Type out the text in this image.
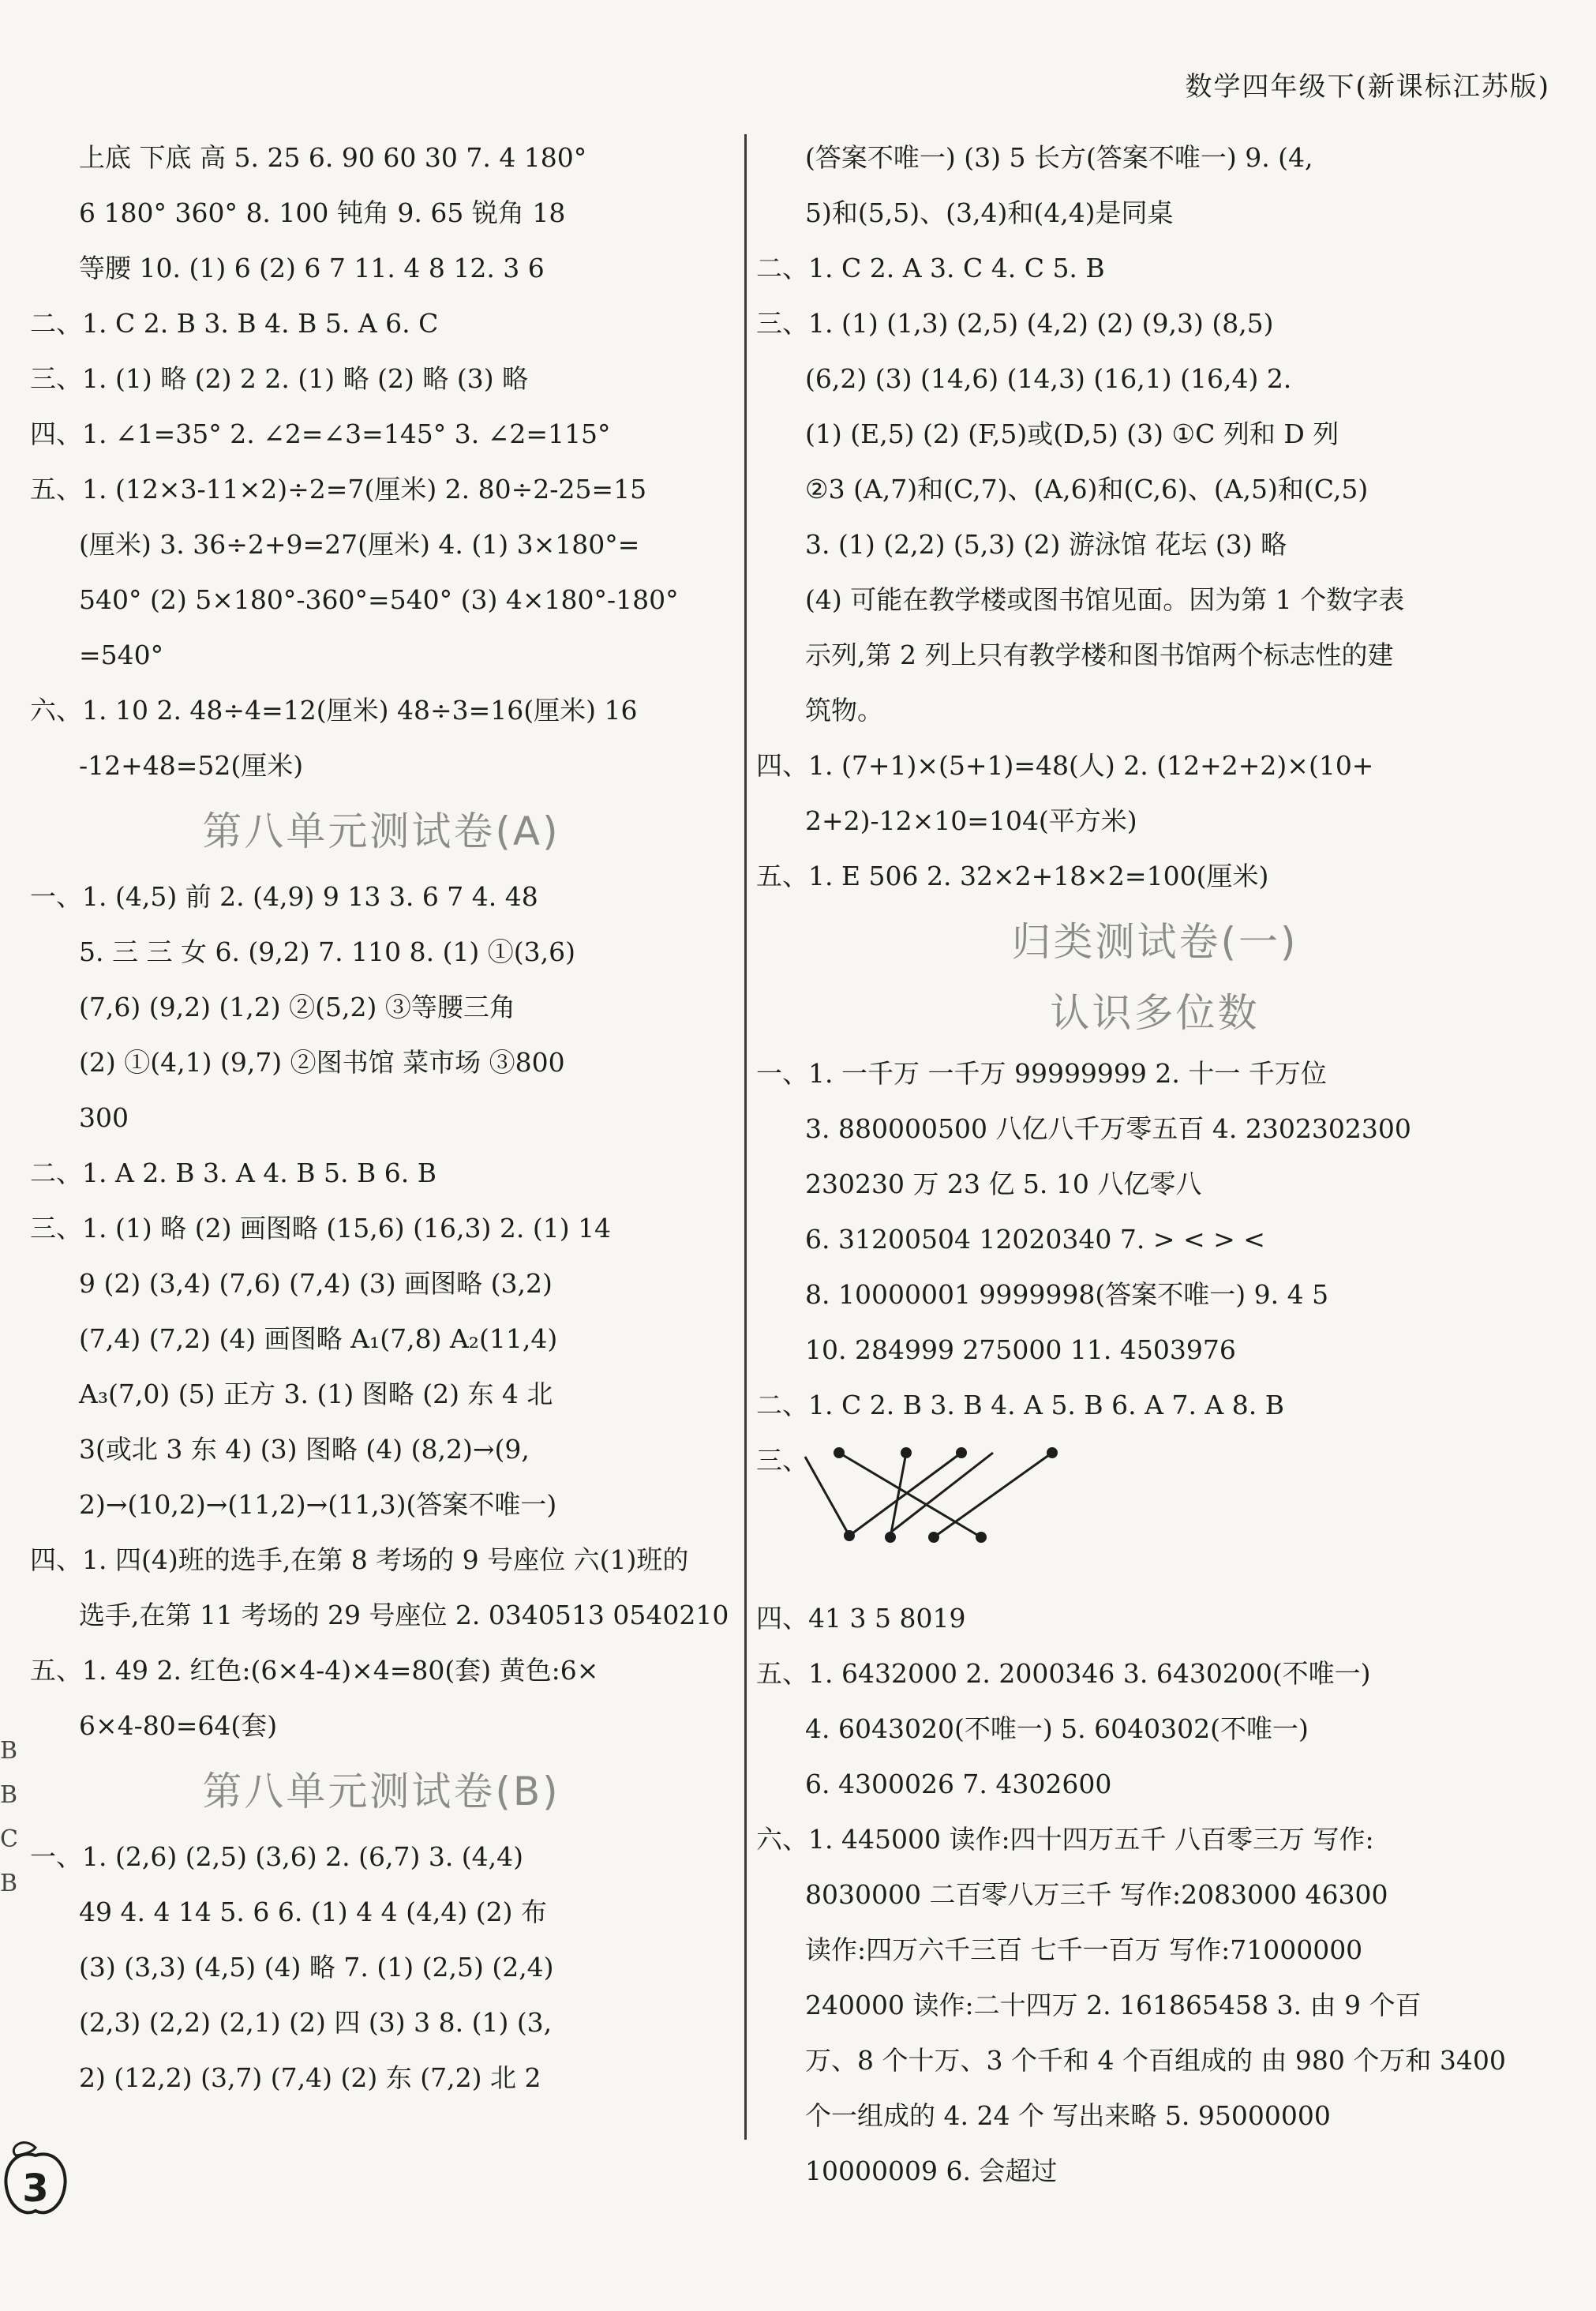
数学四年级下(新课标江苏版)
上底 下底 高 5. 25 6. 90 60 30 7. 4 180°
6 180° 360° 8. 100 钝角 9. 65 锐角 18
等腰 10. (1) 6 (2) 6 7 11. 4 8 12. 3 6
二、1. C 2. B 3. B 4. B 5. A 6. C
三、1. (1) 略 (2) 2 2. (1) 略 (2) 略 (3) 略
四、1. ∠1=35° 2. ∠2=∠3=145° 3. ∠2=115°
五、1. (12×3-11×2)÷2=7(厘米) 2. 80÷2-25=15
(厘米) 3. 36÷2+9=27(厘米) 4. (1) 3×180°=
540° (2) 5×180°-360°=540° (3) 4×180°-180°
=540°
六、1. 10 2. 48÷4=12(厘米) 48÷3=16(厘米) 16
-12+48=52(厘米)
第八单元测试卷(A)
一、1. (4,5) 前 2. (4,9) 9 13 3. 6 7 4. 48
5. 三 三 女 6. (9,2) 7. 110 8. (1) ①(3,6)
(7,6) (9,2) (1,2) ②(5,2) ③等腰三角
(2) ①(4,1) (9,7) ②图书馆 菜市场 ③800
300
二、1. A 2. B 3. A 4. B 5. B 6. B
三、1. (1) 略 (2) 画图略 (15,6) (16,3) 2. (1) 14
9 (2) (3,4) (7,6) (7,4) (3) 画图略 (3,2)
(7,4) (7,2) (4) 画图略 A₁(7,8) A₂(11,4)
A₃(7,0) (5) 正方 3. (1) 图略 (2) 东 4 北
3(或北 3 东 4) (3) 图略 (4) (8,2)→(9,
2)→(10,2)→(11,2)→(11,3)(答案不唯一)
四、1. 四(4)班的选手,在第 8 考场的 9 号座位 六(1)班的
选手,在第 11 考场的 29 号座位 2. 0340513 0540210
五、1. 49 2. 红色:(6×4-4)×4=80(套) 黄色:6×
6×4-80=64(套)
第八单元测试卷(B)
一、1. (2,6) (2,5) (3,6) 2. (6,7) 3. (4,4)
49 4. 4 14 5. 6 6. (1) 4 4 (4,4) (2) 布
(3) (3,3) (4,5) (4) 略 7. (1) (2,5) (2,4)
(2,3) (2,2) (2,1) (2) 四 (3) 3 8. (1) (3,
2) (12,2) (3,7) (7,4) (2) 东 (7,2) 北 2
(答案不唯一) (3) 5 长方(答案不唯一) 9. (4,
5)和(5,5)、(3,4)和(4,4)是同桌
二、1. C 2. A 3. C 4. C 5. B
三、1. (1) (1,3) (2,5) (4,2) (2) (9,3) (8,5)
(6,2) (3) (14,6) (14,3) (16,1) (16,4) 2.
(1) (E,5) (2) (F,5)或(D,5) (3) ①C 列和 D 列
②3 (A,7)和(C,7)、(A,6)和(C,6)、(A,5)和(C,5)
3. (1) (2,2) (5,3) (2) 游泳馆 花坛 (3) 略
(4) 可能在教学楼或图书馆见面。因为第 1 个数字表
示列,第 2 列上只有教学楼和图书馆两个标志性的建
筑物。
四、1. (7+1)×(5+1)=48(人) 2. (12+2+2)×(10+
2+2)-12×10=104(平方米)
五、1. E 506 2. 32×2+18×2=100(厘米)
归类测试卷(一)
认识多位数
一、1. 一千万 一千万 99999999 2. 十一 千万位
3. 880000500 八亿八千万零五百 4. 2302302300
230230 万 23 亿 5. 10 八亿零八
6. 31200504 12020340 7. > < > <
8. 10000001 9999998(答案不唯一) 9. 4 5
10. 284999 275000 11. 4503976
二、1. C 2. B 3. B 4. A 5. B 6. A 7. A 8. B
三、
四、41 3 5 8019
五、1. 6432000 2. 2000346 3. 6430200(不唯一)
4. 6043020(不唯一) 5. 6040302(不唯一)
6. 4300026 7. 4302600
六、1. 445000 读作:四十四万五千 八百零三万 写作:
8030000 二百零八万三千 写作:2083000 46300
读作:四万六千三百 七千一百万 写作:71000000
240000 读作:二十四万 2. 161865458 3. 由 9 个百
万、8 个十万、3 个千和 4 个百组成的 由 980 个万和 3400
个一组成的 4. 24 个 写出来略 5. 95000000
10000009 6. 会超过
B
B
C
B
3
